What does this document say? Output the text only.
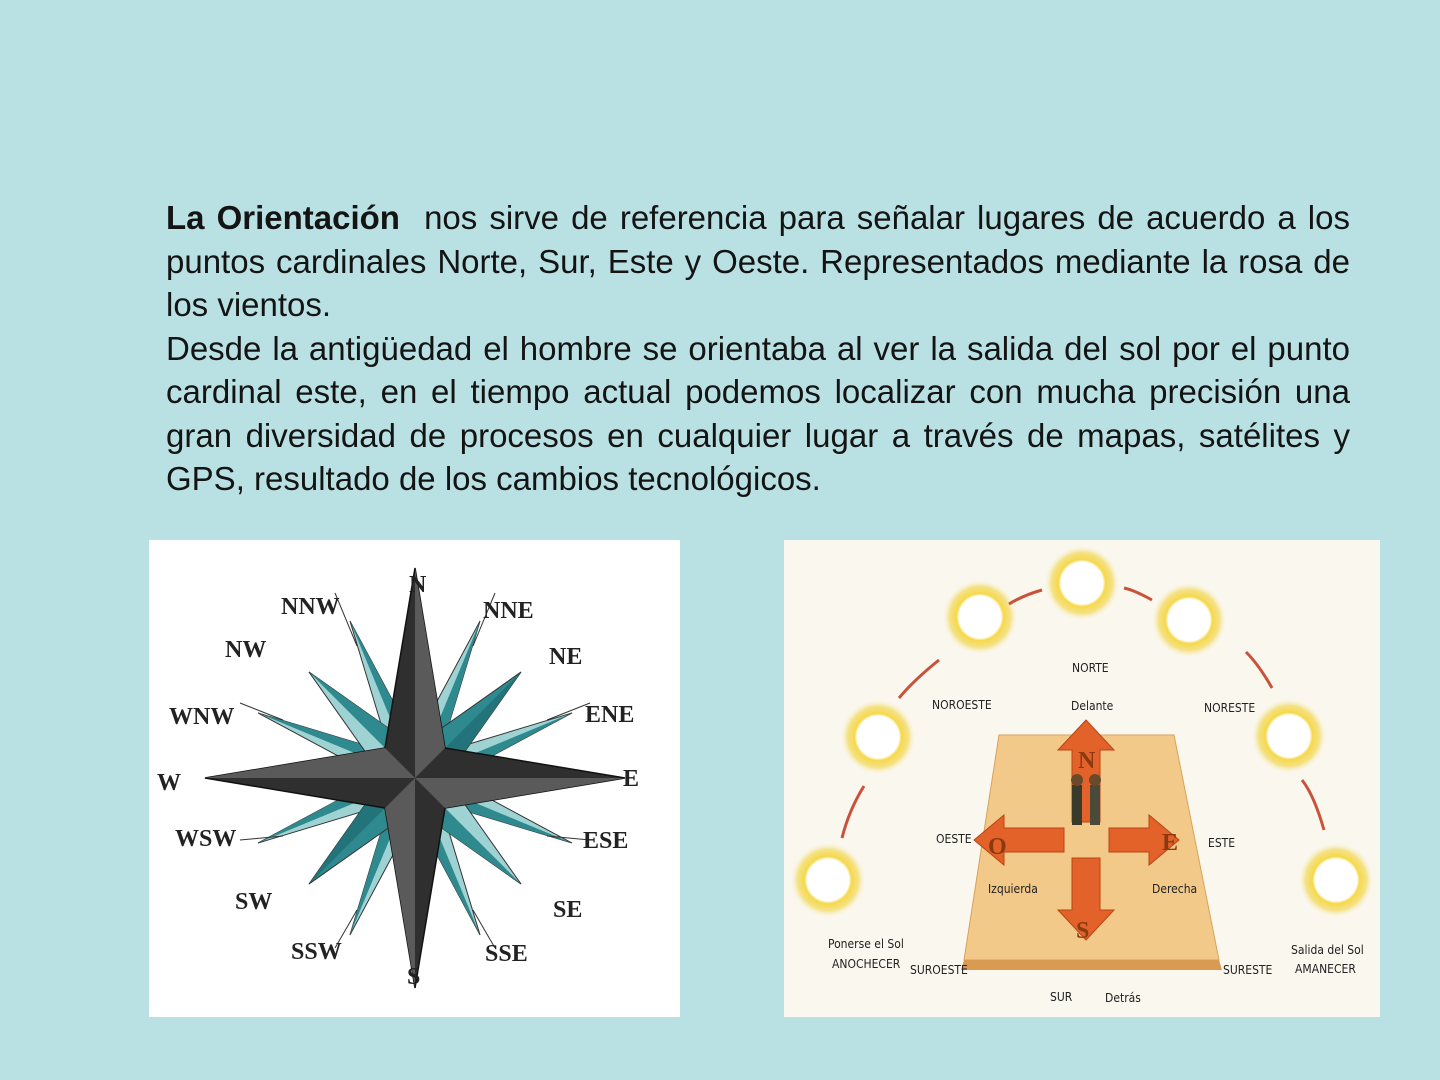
La Orientación  nos sirve de referencia para señalar lugares de acuerdo a los puntos cardinales Norte, Sur, Este y Oeste. Representados mediante la rosa de los vientos.

Desde la antigüedad el hombre se orientaba al ver la salida del sol por el punto cardinal este, en el tiempo actual podemos localizar con mucha precisión una gran diversidad de procesos en cualquier lugar a través de mapas, satélites y GPS, resultado de los cambios tecnológicos.

N
NNE
NE
ENE
E
ESE
SE
SSE
S
SSW
SW
WSW
W
WNW
NW
NNW
N
S
E
O
NORTE
Delante
NOROESTE	NORESTE
OESTE	ESTE
Izquierda	Derecha
SUR	Detrás
SUROESTE	SURESTE
Ponerse el Sol
ANOCHECER
Salida del Sol
AMANECER
